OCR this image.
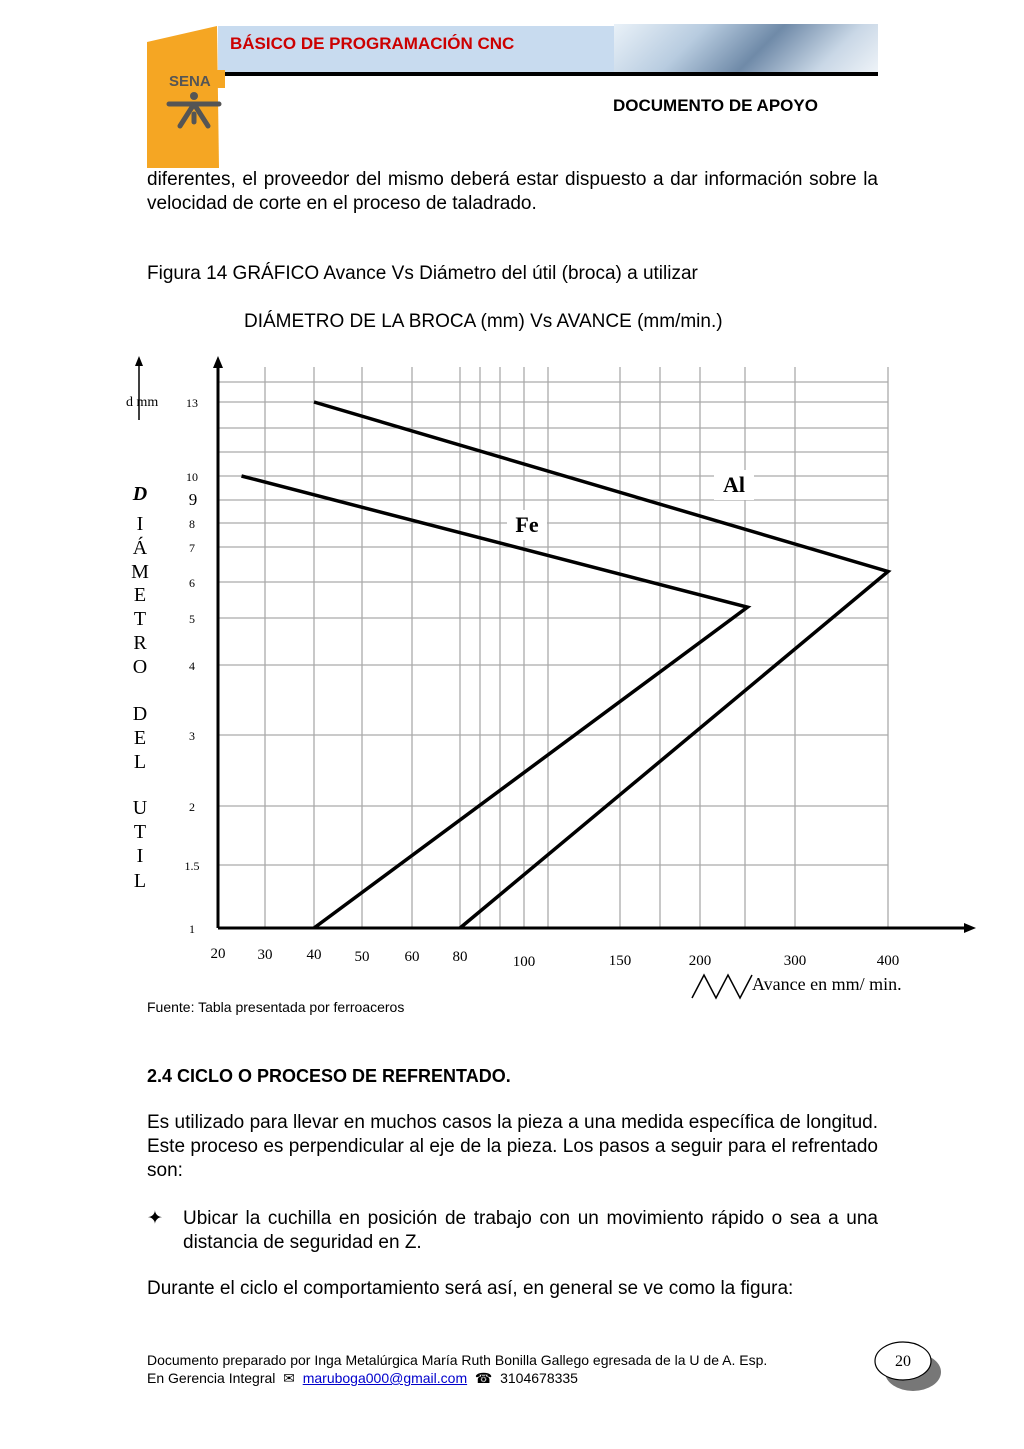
BÁSICO DE PROGRAMACIÓN CNC
DOCUMENTO DE APOYO
SENA
diferentes, el proveedor del mismo deberá estar dispuesto a dar información sobre la velocidad de corte en el proceso de taladrado.
Figura 14 GRÁFICO Avance Vs Diámetro del útil (broca) a utilizar
DIÁMETRO DE LA BROCA (mm) Vs AVANCE (mm/min.)
d mm
20 30 40 50 60 80	100	150	200	300	400
1
1.5
2
3
4
5
6
7
8
9
10
13
D
I
Á
M
E
T
R
O
D
E
L
U
T
I
L
Fe
Al
Avance en mm/ min.
Fuente: Tabla presentada por ferroaceros
2.4 CICLO O PROCESO DE REFRENTADO.
Es utilizado para llevar en muchos casos la pieza a una medida específica de longitud. Este proceso es perpendicular al eje de la pieza. Los pasos a seguir para el refrentado son:
✦ Ubicar la cuchilla en posición de trabajo con un movimiento rápido o sea a una distancia de seguridad en Z.
Durante el ciclo el comportamiento será así, en general se ve como la figura:
Documento preparado por Inga Metalúrgica María Ruth Bonilla Gallego egresada de la U de A. Esp.
En Gerencia Integral  ✉  maruboga000@gmail.com  ☎  3104678335
20
